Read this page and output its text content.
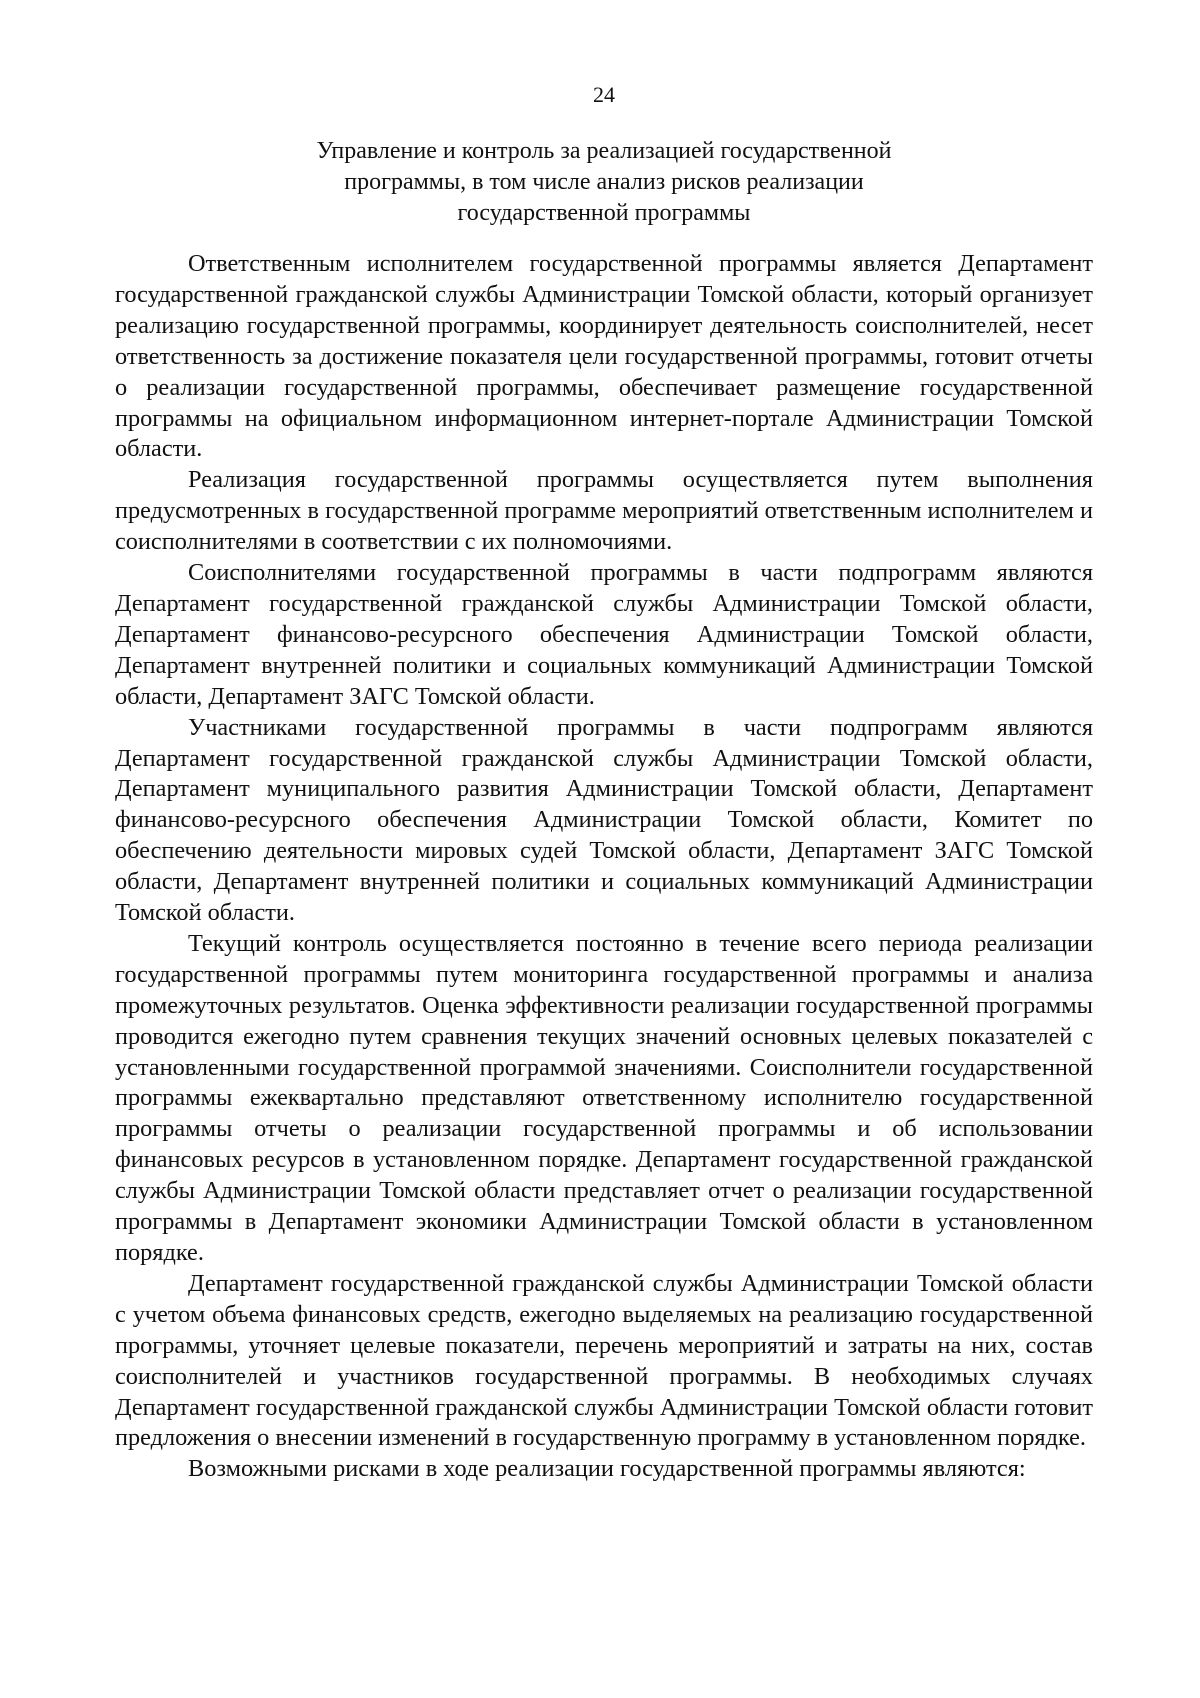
24
Управление и контроль за реализацией государственной
программы, в том числе анализ рисков реализации
государственной программы

Ответственным исполнителем государственной программы является Департамент государственной гражданской службы Администрации Томской области, который организует реализацию государственной программы, координирует деятельность соисполнителей, несет ответственность за достижение показателя цели государственной программы, готовит отчеты о реализации государственной программы, обеспечивает размещение государственной программы на официальном информационном интернет-портале Администрации Томской области.

Реализация государственной программы осуществляется путем выполнения предусмотренных в государственной программе мероприятий ответственным исполнителем и соисполнителями в соответствии с их полномочиями.

Соисполнителями государственной программы в части подпрограмм являются Департамент государственной гражданской службы Администрации Томской области, Департамент финансово-ресурсного обеспечения Администрации Томской области, Департамент внутренней политики и социальных коммуникаций Администрации Томской области, Департамент ЗАГС Томской области.

Участниками государственной программы в части подпрограмм являются Департамент государственной гражданской службы Администрации Томской области, Департамент муниципального развития Администрации Томской области, Департамент финансово-ресурсного обеспечения Администрации Томской области, Комитет по обеспечению деятельности мировых судей Томской области, Департамент ЗАГС Томской области, Департамент внутренней политики и социальных коммуникаций Администрации Томской области.

Текущий контроль осуществляется постоянно в течение всего периода реализации государственной программы путем мониторинга государственной программы и анализа промежуточных результатов. Оценка эффективности реализации государственной программы проводится ежегодно путем сравнения текущих значений основных целевых показателей с установленными государственной программой значениями. Соисполнители государственной программы ежеквартально представляют ответственному исполнителю государственной программы отчеты о реализации государственной программы и об использовании финансовых ресурсов в установленном порядке. Департамент государственной гражданской службы Администрации Томской области представляет отчет о реализации государственной программы в Департамент экономики Администрации Томской области в установленном порядке.

Департамент государственной гражданской службы Администрации Томской области с учетом объема финансовых средств, ежегодно выделяемых на реализацию государственной программы, уточняет целевые показатели, перечень мероприятий и затраты на них, состав соисполнителей и участников государственной программы. В необходимых случаях Департамент государственной гражданской службы Администрации Томской области готовит предложения о внесении изменений в государственную программу в установленном порядке.

Возможными рисками в ходе реализации государственной программы являются:
